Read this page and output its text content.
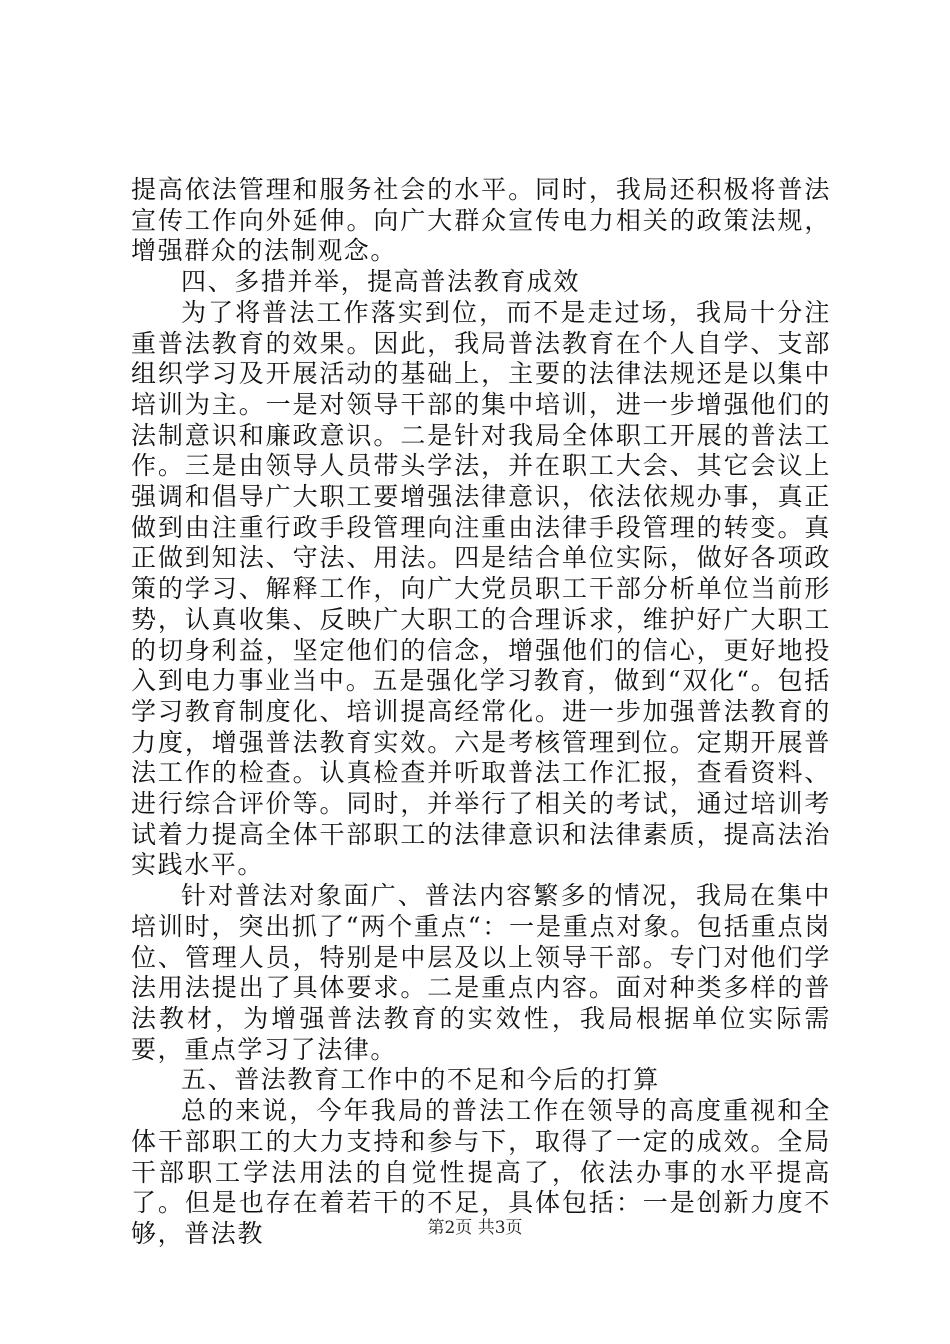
提高依法管理和服务社会的水平。同时，我局还积极将普法宣传工作向外延伸。向广大群众宣传电力相关的政策法规，增强群众的法制观念。

四、多措并举，提高普法教育成效

为了将普法工作落实到位，而不是走过场，我局十分注重普法教育的效果。因此，我局普法教育在个人自学、支部组织学习及开展活动的基础上，主要的法律法规还是以集中培训为主。一是对领导干部的集中培训，进一步增强他们的法制意识和廉政意识。二是针对我局全体职工开展的普法工作。三是由领导人员带头学法，并在职工大会、其它会议上强调和倡导广大职工要增强法律意识，依法依规办事，真正做到由注重行政手段管理向注重由法律手段管理的转变。真正做到知法、守法、用法。四是结合单位实际，做好各项政策的学习、解释工作，向广大党员职工干部分析单位当前形势，认真收集、反映广大职工的合理诉求，维护好广大职工的切身利益，坚定他们的信念，增强他们的信心，更好地投入到电力事业当中。五是强化学习教育，做到“双化“。包括学习教育制度化、培训提高经常化。进一步加强普法教育的力度，增强普法教育实效。六是考核管理到位。定期开展普法工作的检查。认真检查并听取普法工作汇报，查看资料、进行综合评价等。同时，并举行了相关的考试，通过培训考试着力提高全体干部职工的法律意识和法律素质，提高法治实践水平。

针对普法对象面广、普法内容繁多的情况，我局在集中培训时，突出抓了“两个重点“：一是重点对象。包括重点岗位、管理人员，特别是中层及以上领导干部。专门对他们学法用法提出了具体要求。二是重点内容。面对种类多样的普法教材，为增强普法教育的实效性，我局根据单位实际需要，重点学习了法律。

五、普法教育工作中的不足和今后的打算

总的来说，今年我局的普法工作在领导的高度重视和全体干部职工的大力支持和参与下，取得了一定的成效。全局干部职工学法用法的自觉性提高了，依法办事的水平提高了。但是也存在着若干的不足，具体包括：一是创新力度不够，普法教	第2页 共3页
